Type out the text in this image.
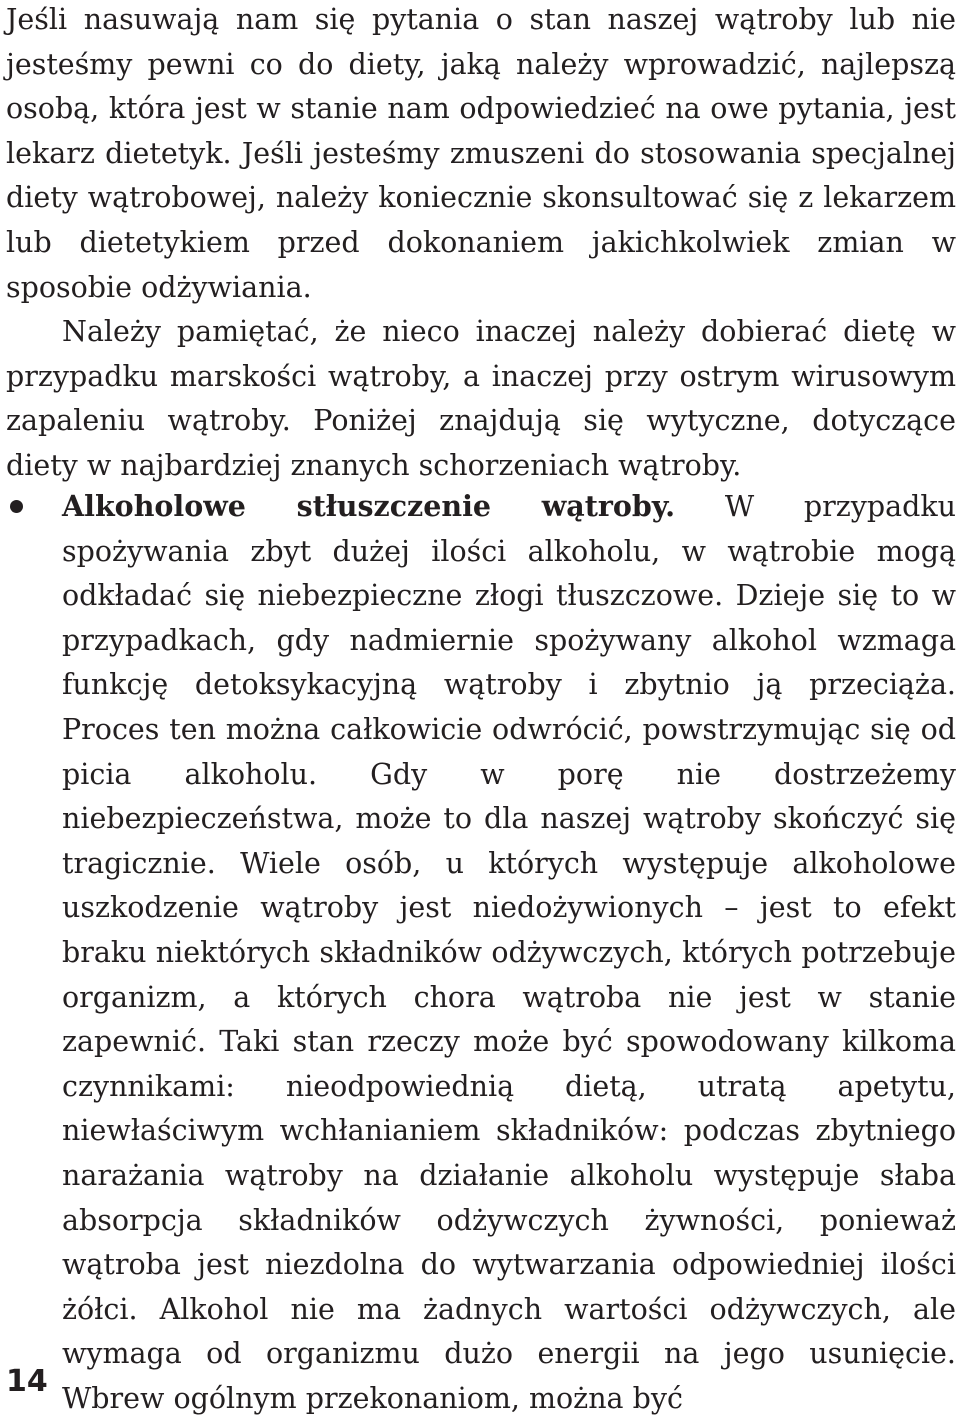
Jeśli nasuwają nam się pytania o stan naszej wątroby lub nie jesteśmy pewni co do diety, jaką należy wprowadzić, najlepszą osobą, która jest w stanie nam odpowiedzieć na owe pytania, jest lekarz dietetyk. Jeśli jesteśmy zmuszeni do stosowania specjalnej diety wątrobowej, należy koniecznie skonsultować się z lekarzem lub dietetykiem przed dokonaniem jakichkolwiek zmian w sposobie odżywiania.
Należy pamiętać, że nieco inaczej należy dobierać dietę w przypadku marskości wątroby, a inaczej przy ostrym wirusowym zapaleniu wątroby. Poniżej znajdują się wytyczne, dotyczące diety w najbardziej znanych schorzeniach wątroby.

Alkoholowe stłuszczenie wątroby. W przypadku spożywania zbyt dużej ilości alkoholu, w wątrobie mogą odkładać się niebezpieczne złogi tłuszczowe. Dzieje się to w przypadkach, gdy nadmiernie spożywany alkohol wzmaga funkcję detoksykacyjną wątroby i zbytnio ją przeciąża. Proces ten można całkowicie odwrócić, powstrzymując się od picia alkoholu. Gdy w porę nie dostrzeżemy niebezpieczeństwa, może to dla naszej wątroby skończyć się tragicznie. Wiele osób, u których występuje alkoholowe uszkodzenie wątroby jest niedożywionych – jest to efekt braku niektórych składników odżywczych, których potrzebuje organizm, a których chora wątroba nie jest w stanie zapewnić. Taki stan rzeczy może być spowodowany kilkoma czynnikami: nieodpowiednią dietą, utratą apetytu, niewłaściwym wchłanianiem składników: podczas zbytniego narażania wątroby na działanie alkoholu występuje słaba absorpcja składników odżywczych żywności, ponieważ wątroba jest niezdolna do wytwarzania odpowiedniej ilości żółci. Alkohol nie ma żadnych wartości odżywczych, ale wymaga od organizmu dużo energii na jego usunięcie. Wbrew ogólnym przekonaniom, można być

14
